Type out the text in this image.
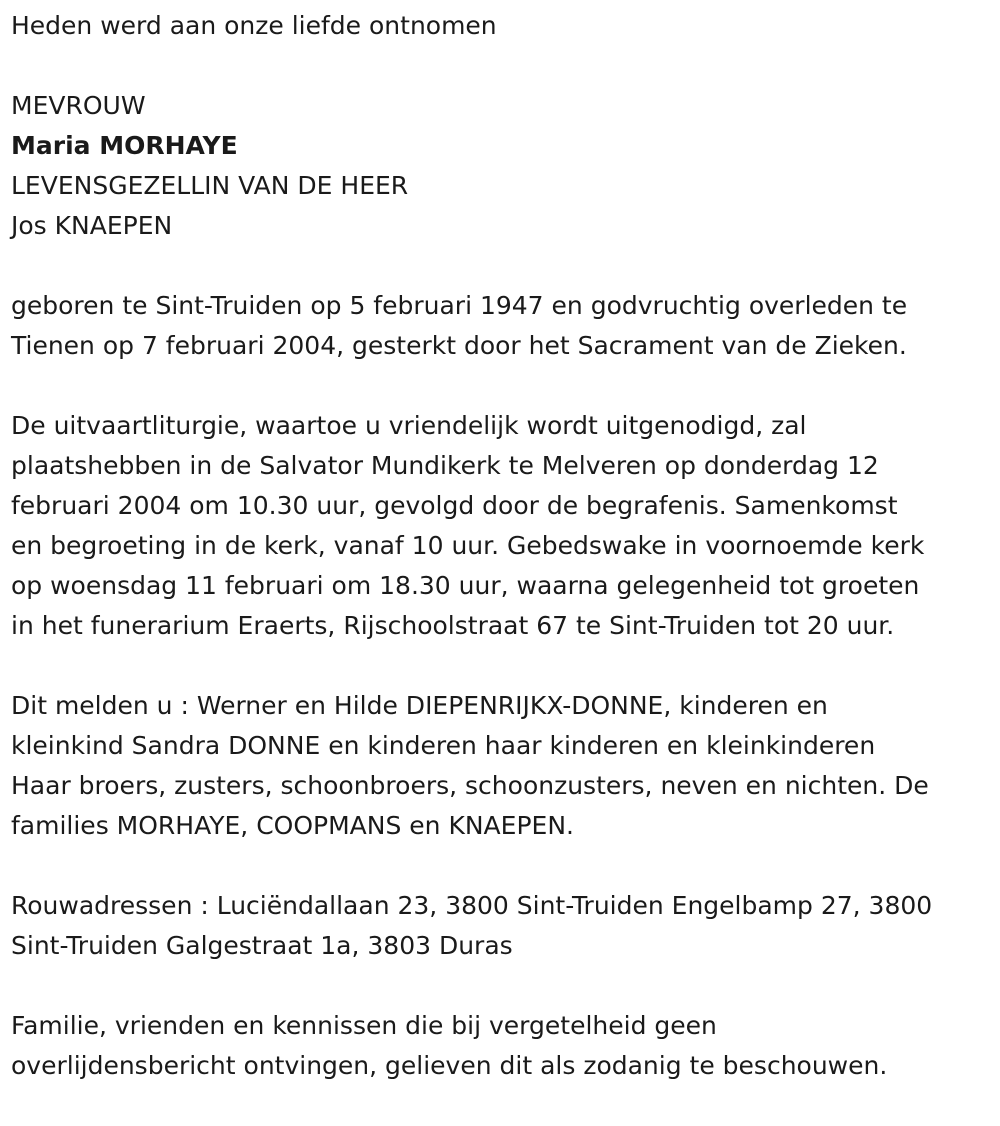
Heden werd aan onze liefde ontnomen
MEVROUW
Maria MORHAYE
LEVENSGEZELLIN VAN DE HEER
Jos KNAEPEN
geboren te Sint-Truiden op 5 februari 1947 en godvruchtig overleden te
Tienen op 7 februari 2004, gesterkt door het Sacrament van de Zieken.
De uitvaartliturgie, waartoe u vriendelijk wordt uitgenodigd, zal
plaatshebben in de Salvator Mundikerk te Melveren op donderdag 12
februari 2004 om 10.30 uur, gevolgd door de begrafenis. Samenkomst
en begroeting in de kerk, vanaf 10 uur. Gebedswake in voornoemde kerk
op woensdag 11 februari om 18.30 uur, waarna gelegenheid tot groeten
in het funerarium Eraerts, Rijschoolstraat 67 te Sint-Truiden tot 20 uur.
Dit melden u : Werner en Hilde DIEPENRIJKX-DONNE, kinderen en
kleinkind Sandra DONNE en kinderen haar kinderen en kleinkinderen
Haar broers, zusters, schoonbroers, schoonzusters, neven en nichten. De
families MORHAYE, COOPMANS en KNAEPEN.
Rouwadressen : Luciëndallaan 23, 3800 Sint-Truiden Engelbamp 27, 3800
Sint-Truiden Galgestraat 1a, 3803 Duras
Familie, vrienden en kennissen die bij vergetelheid geen
overlijdensbericht ontvingen, gelieven dit als zodanig te beschouwen.
